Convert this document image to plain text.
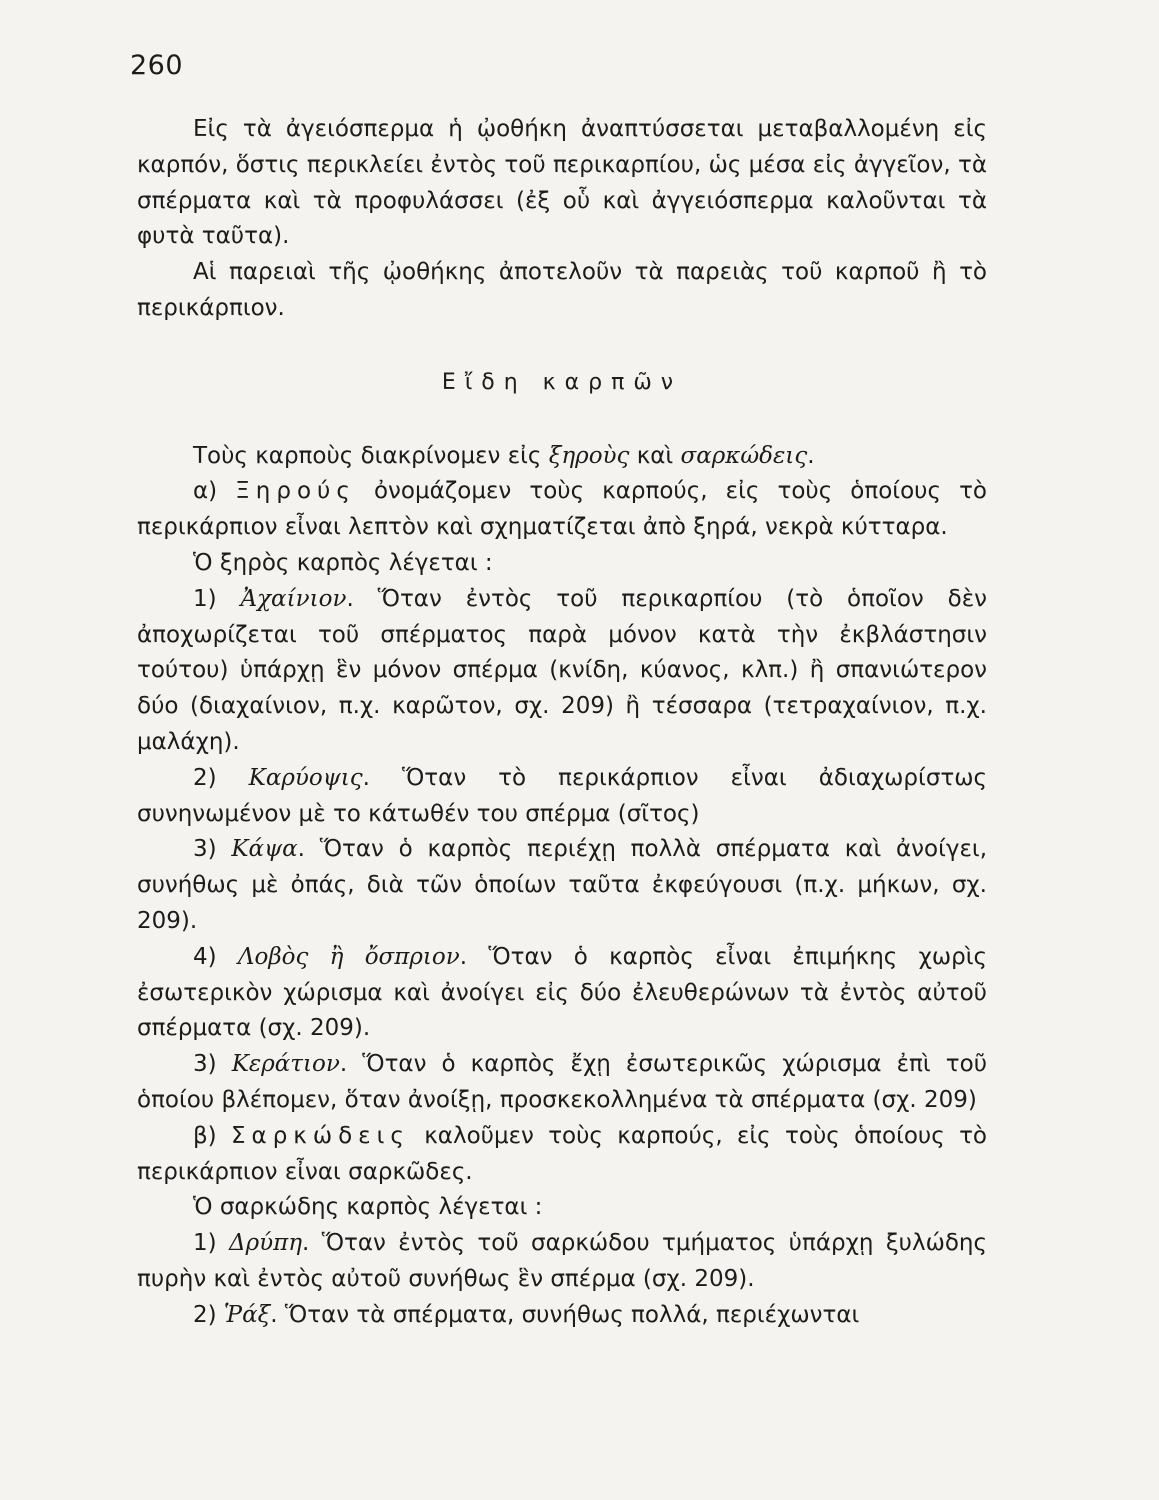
260

Εἰς τὰ ἀγειόσπερμα ἡ ᾠοθήκη ἀναπτύσσεται μεταβαλλομένη εἰς καρπόν, ὅστις περικλείει ἐντὸς τοῦ περικαρπίου, ὡς μέσα εἰς ἀγγεῖον, τὰ σπέρματα καὶ τὰ προφυλάσσει (ἐξ οὗ καὶ ἀγγειόσπερμα καλοῦνται τὰ φυτὰ ταῦτα).

Αἱ παρειαὶ τῆς ᾠοθήκης ἀποτελοῦν τὰ παρειὰς τοῦ καρποῦ ἢ τὸ περικάρπιον.

Εἴδη καρπῶν

Τοὺς καρποὺς διακρίνομεν εἰς ξηροὺς καὶ σαρκώδεις.

α) Ξηρούς ὀνομάζομεν τοὺς καρπούς, εἰς τοὺς ὁποίους τὸ περικάρπιον εἶναι λεπτὸν καὶ σχηματίζεται ἀπὸ ξηρά, νεκρὰ κύτταρα.

Ὁ ξηρὸς καρπὸς λέγεται :

1) Ἀχαίνιον. Ὅταν ἐντὸς τοῦ περικαρπίου (τὸ ὁποῖον δὲν ἀποχωρίζεται τοῦ σπέρματος παρὰ μόνον κατὰ τὴν ἐκβλάστησιν τούτου) ὑπάρχῃ ἓν μόνον σπέρμα (κνίδη, κύανος, κλπ.) ἢ σπανιώτερον δύο (διαχαίνιον, π.χ. καρῶτον, σχ. 209) ἢ τέσσαρα (τετραχαίνιον, π.χ. μαλάχη).

2) Καρύοψις. Ὅταν τὸ περικάρπιον εἶναι ἀδιαχωρίστως συνηνωμένον μὲ το κάτωθέν του σπέρμα (σῖτος)

3) Κάψα. Ὅταν ὁ καρπὸς περιέχῃ πολλὰ σπέρματα καὶ ἀνοίγει, συνήθως μὲ ὀπάς, διὰ τῶν ὁποίων ταῦτα ἐκφεύγουσι (π.χ. μήκων, σχ. 209).

4) Λοβὸς ἢ ὄσπριον. Ὅταν ὁ καρπὸς εἶναι ἐπιμήκης χωρὶς ἐσωτερικὸν χώρισμα καὶ ἀνοίγει εἰς δύο ἐλευθερώνων τὰ ἐντὸς αὐτοῦ σπέρματα (σχ. 209).

3) Κεράτιον. Ὅταν ὁ καρπὸς ἔχῃ ἐσωτερικῶς χώρισμα ἐπὶ τοῦ ὁποίου βλέπομεν, ὅταν ἀνοίξῃ, προσκεκολλημένα τὰ σπέρματα (σχ. 209)

β) Σαρκώδεις καλοῦμεν τοὺς καρπούς, εἰς τοὺς ὁποίους τὸ περικάρπιον εἶναι σαρκῶδες.

Ὁ σαρκώδης καρπὸς λέγεται :

1) Δρύπη. Ὅταν ἐντὸς τοῦ σαρκώδου τμήματος ὑπάρχῃ ξυλώδης πυρὴν καὶ ἐντὸς αὐτοῦ συνήθως ἓν σπέρμα (σχ. 209).

2) Ῥάξ. Ὅταν τὰ σπέρματα, συνήθως πολλά, περιέχωνται
